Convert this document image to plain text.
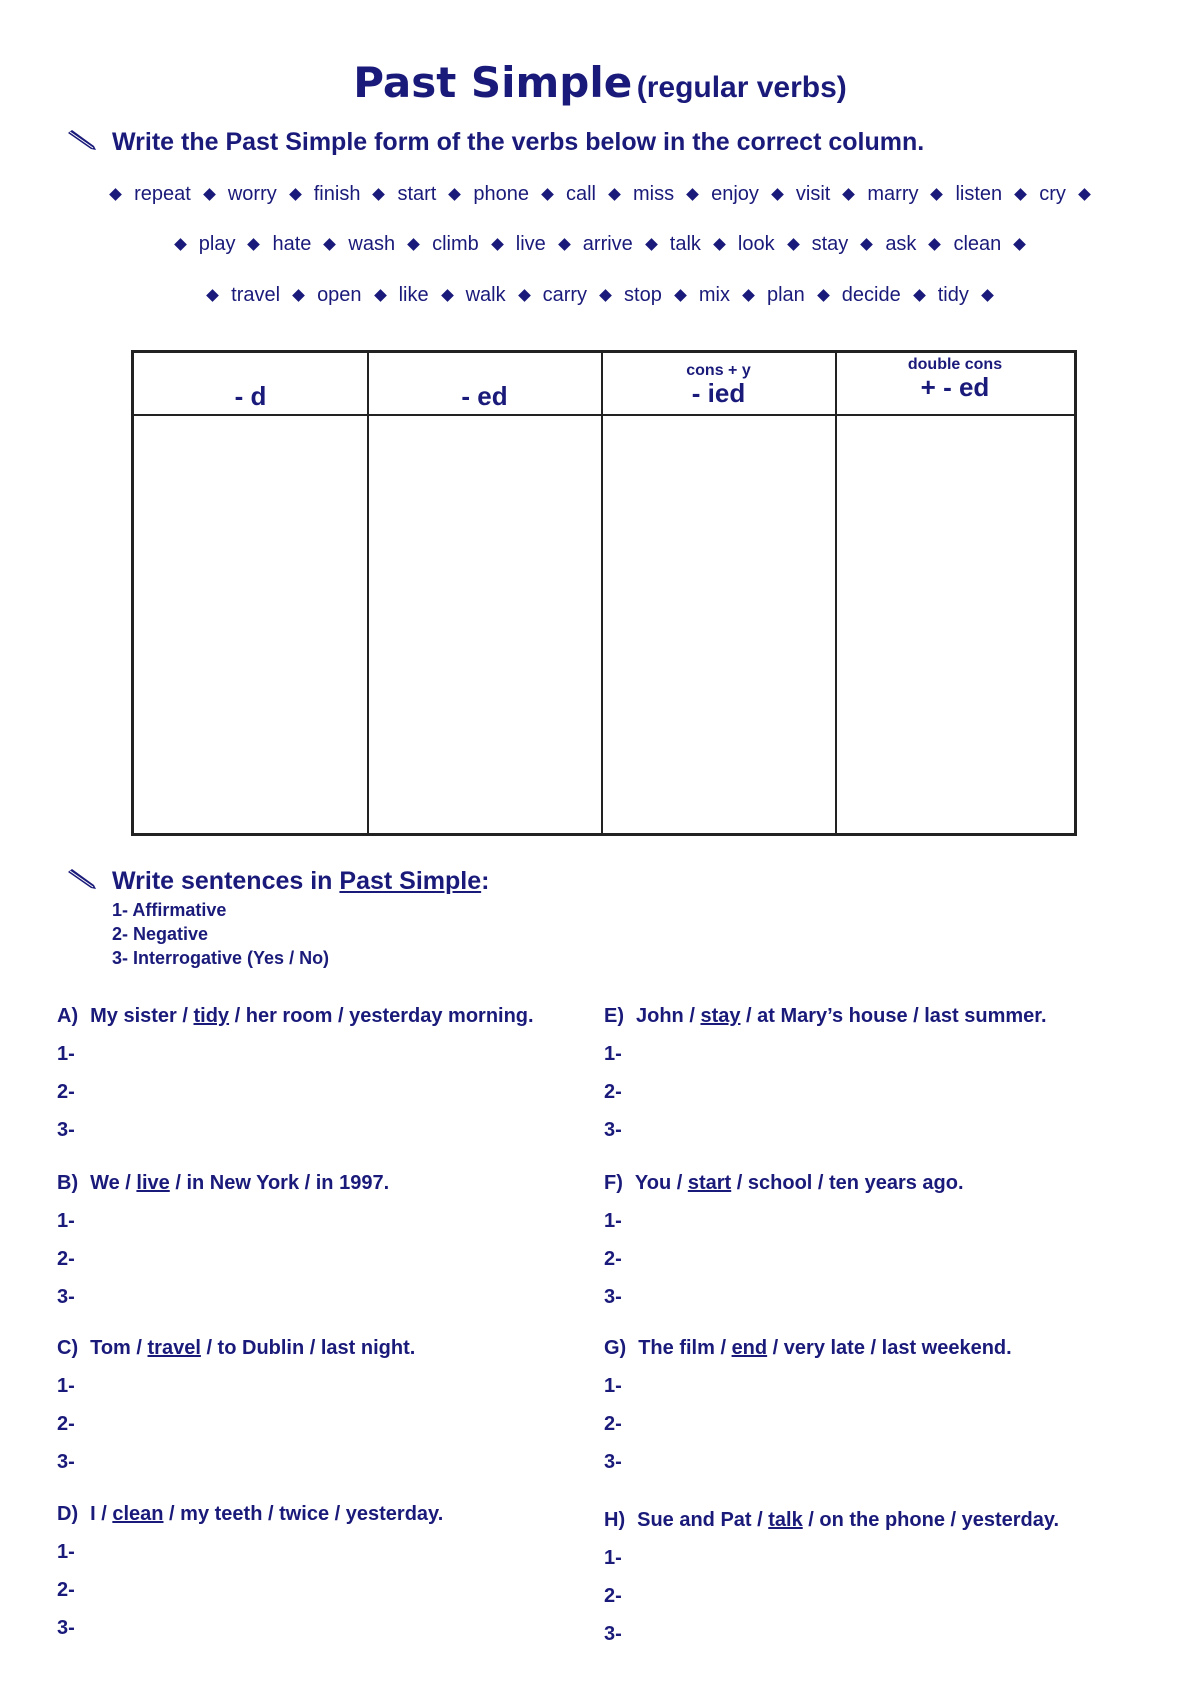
Past Simple (regular verbs)
Write the Past Simple form of the verbs below in the correct column.
repeat worry finish start phone call miss enjoy visit marry listen cry
play hate wash climb live arrive talk look stay ask clean
travel open like walk carry stop mix plan decide tidy
- d	- ed
cons + y
- ied
double cons
+ - ed
Write sentences in Past Simple:
1- Affirmative
2- Negative
3- Interrogative (Yes / No)
A) My sister / tidy / her room / yesterday morning.
1-
2-
3-
B) We / live / in New York / in 1997.
1-
2-
3-
C) Tom / travel / to Dublin / last night.
1-
2-
3-
D) I / clean / my teeth / twice / yesterday.
1-
2-
3-
E) John / stay / at Mary’s house / last summer.
1-
2-
3-
F) You / start / school / ten years ago.
1-
2-
3-
G) The film / end / very late / last weekend.
1-
2-
3-
H) Sue and Pat / talk / on the phone / yesterday.
1-
2-
3-
